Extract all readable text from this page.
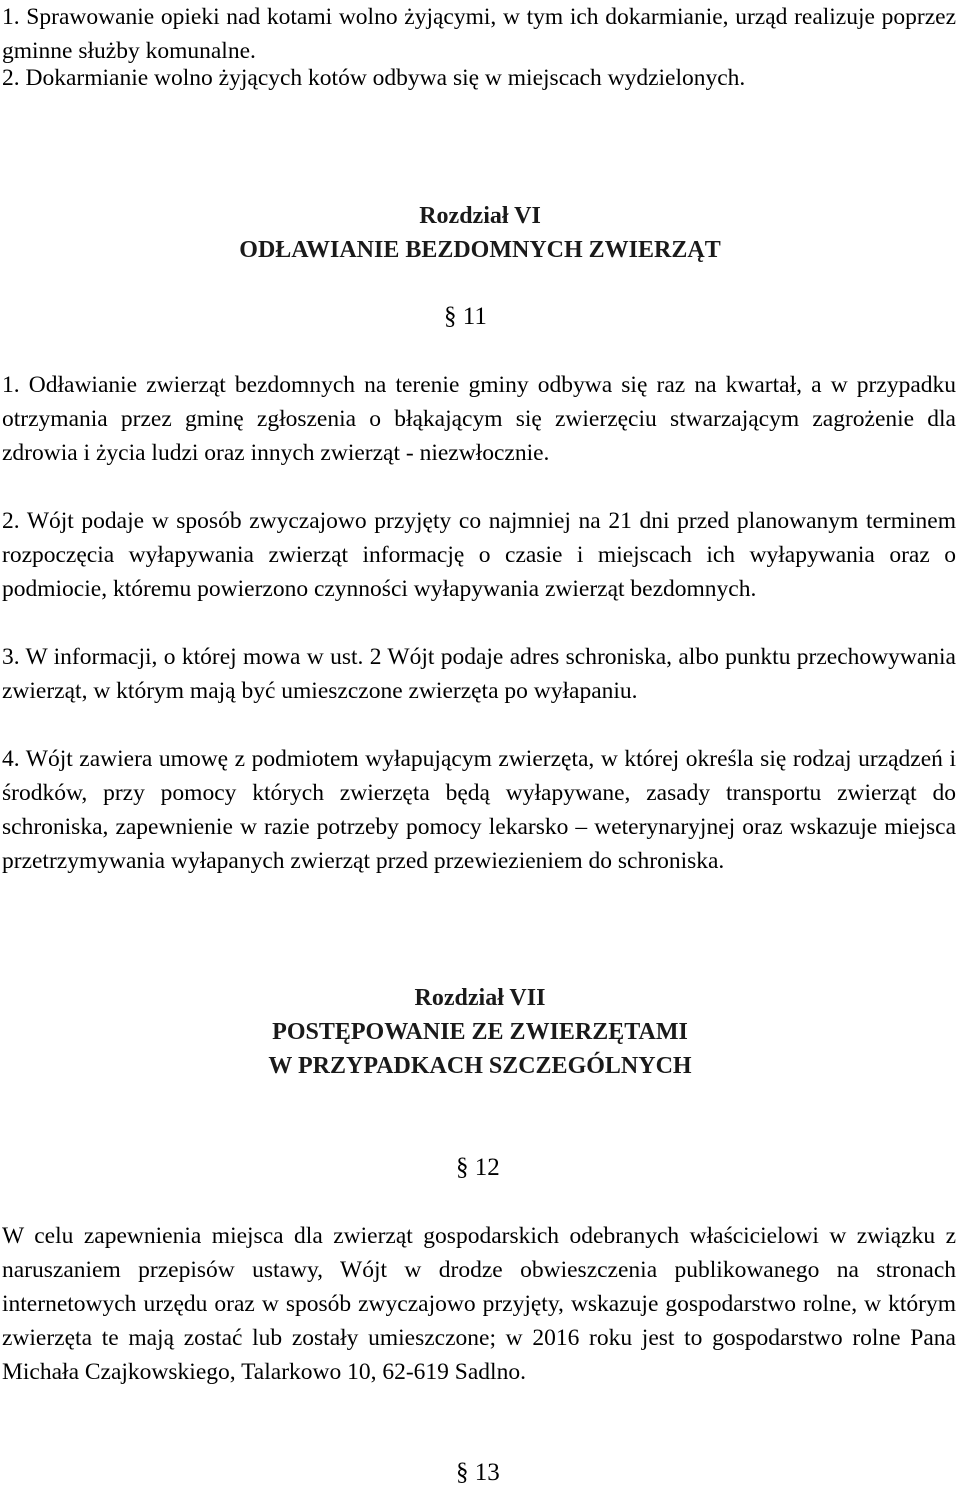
1. Sprawowanie opieki nad kotami wolno żyjącymi, w tym ich dokarmianie, urząd realizuje poprzez gminne służby komunalne.

2. Dokarmianie wolno żyjących kotów odbywa się w miejscach wydzielonych.

Rozdział VI
ODŁAWIANIE BEZDOMNYCH ZWIERZĄT

§ 11

1. Odławianie zwierząt bezdomnych na terenie gminy odbywa się raz na kwartał, a w przypadku otrzymania przez gminę zgłoszenia o błąkającym się zwierzęciu stwarzającym zagrożenie dla zdrowia i życia ludzi oraz innych zwierząt - niezwłocznie.

2. Wójt podaje w sposób zwyczajowo przyjęty co najmniej na 21 dni przed planowanym terminem rozpoczęcia wyłapywania zwierząt informację o czasie i miejscach ich wyłapywania oraz o podmiocie, któremu powierzono czynności wyłapywania zwierząt bezdomnych.

3. W informacji, o której mowa w ust. 2 Wójt podaje adres schroniska, albo punktu przechowywania zwierząt, w którym mają być umieszczone zwierzęta po wyłapaniu.

4. Wójt zawiera umowę z podmiotem wyłapującym zwierzęta, w której określa się rodzaj urządzeń i środków, przy pomocy których zwierzęta będą wyłapywane, zasady transportu zwierząt do schroniska, zapewnienie w razie potrzeby pomocy lekarsko – weterynaryjnej oraz wskazuje miejsca przetrzymywania wyłapanych zwierząt przed przewiezieniem do schroniska.

Rozdział VII
POSTĘPOWANIE ZE ZWIERZĘTAMI
W PRZYPADKACH SZCZEGÓLNYCH

§ 12

W celu zapewnienia miejsca dla zwierząt gospodarskich odebranych właścicielowi w związku z naruszaniem przepisów ustawy, Wójt w drodze obwieszczenia publikowanego na stronach internetowych urzędu oraz w sposób zwyczajowo przyjęty, wskazuje gospodarstwo rolne, w którym zwierzęta te mają zostać lub zostały umieszczone; w 2016 roku jest to gospodarstwo rolne Pana Michała Czajkowskiego, Talarkowo 10, 62-619 Sadlno.

§ 13
